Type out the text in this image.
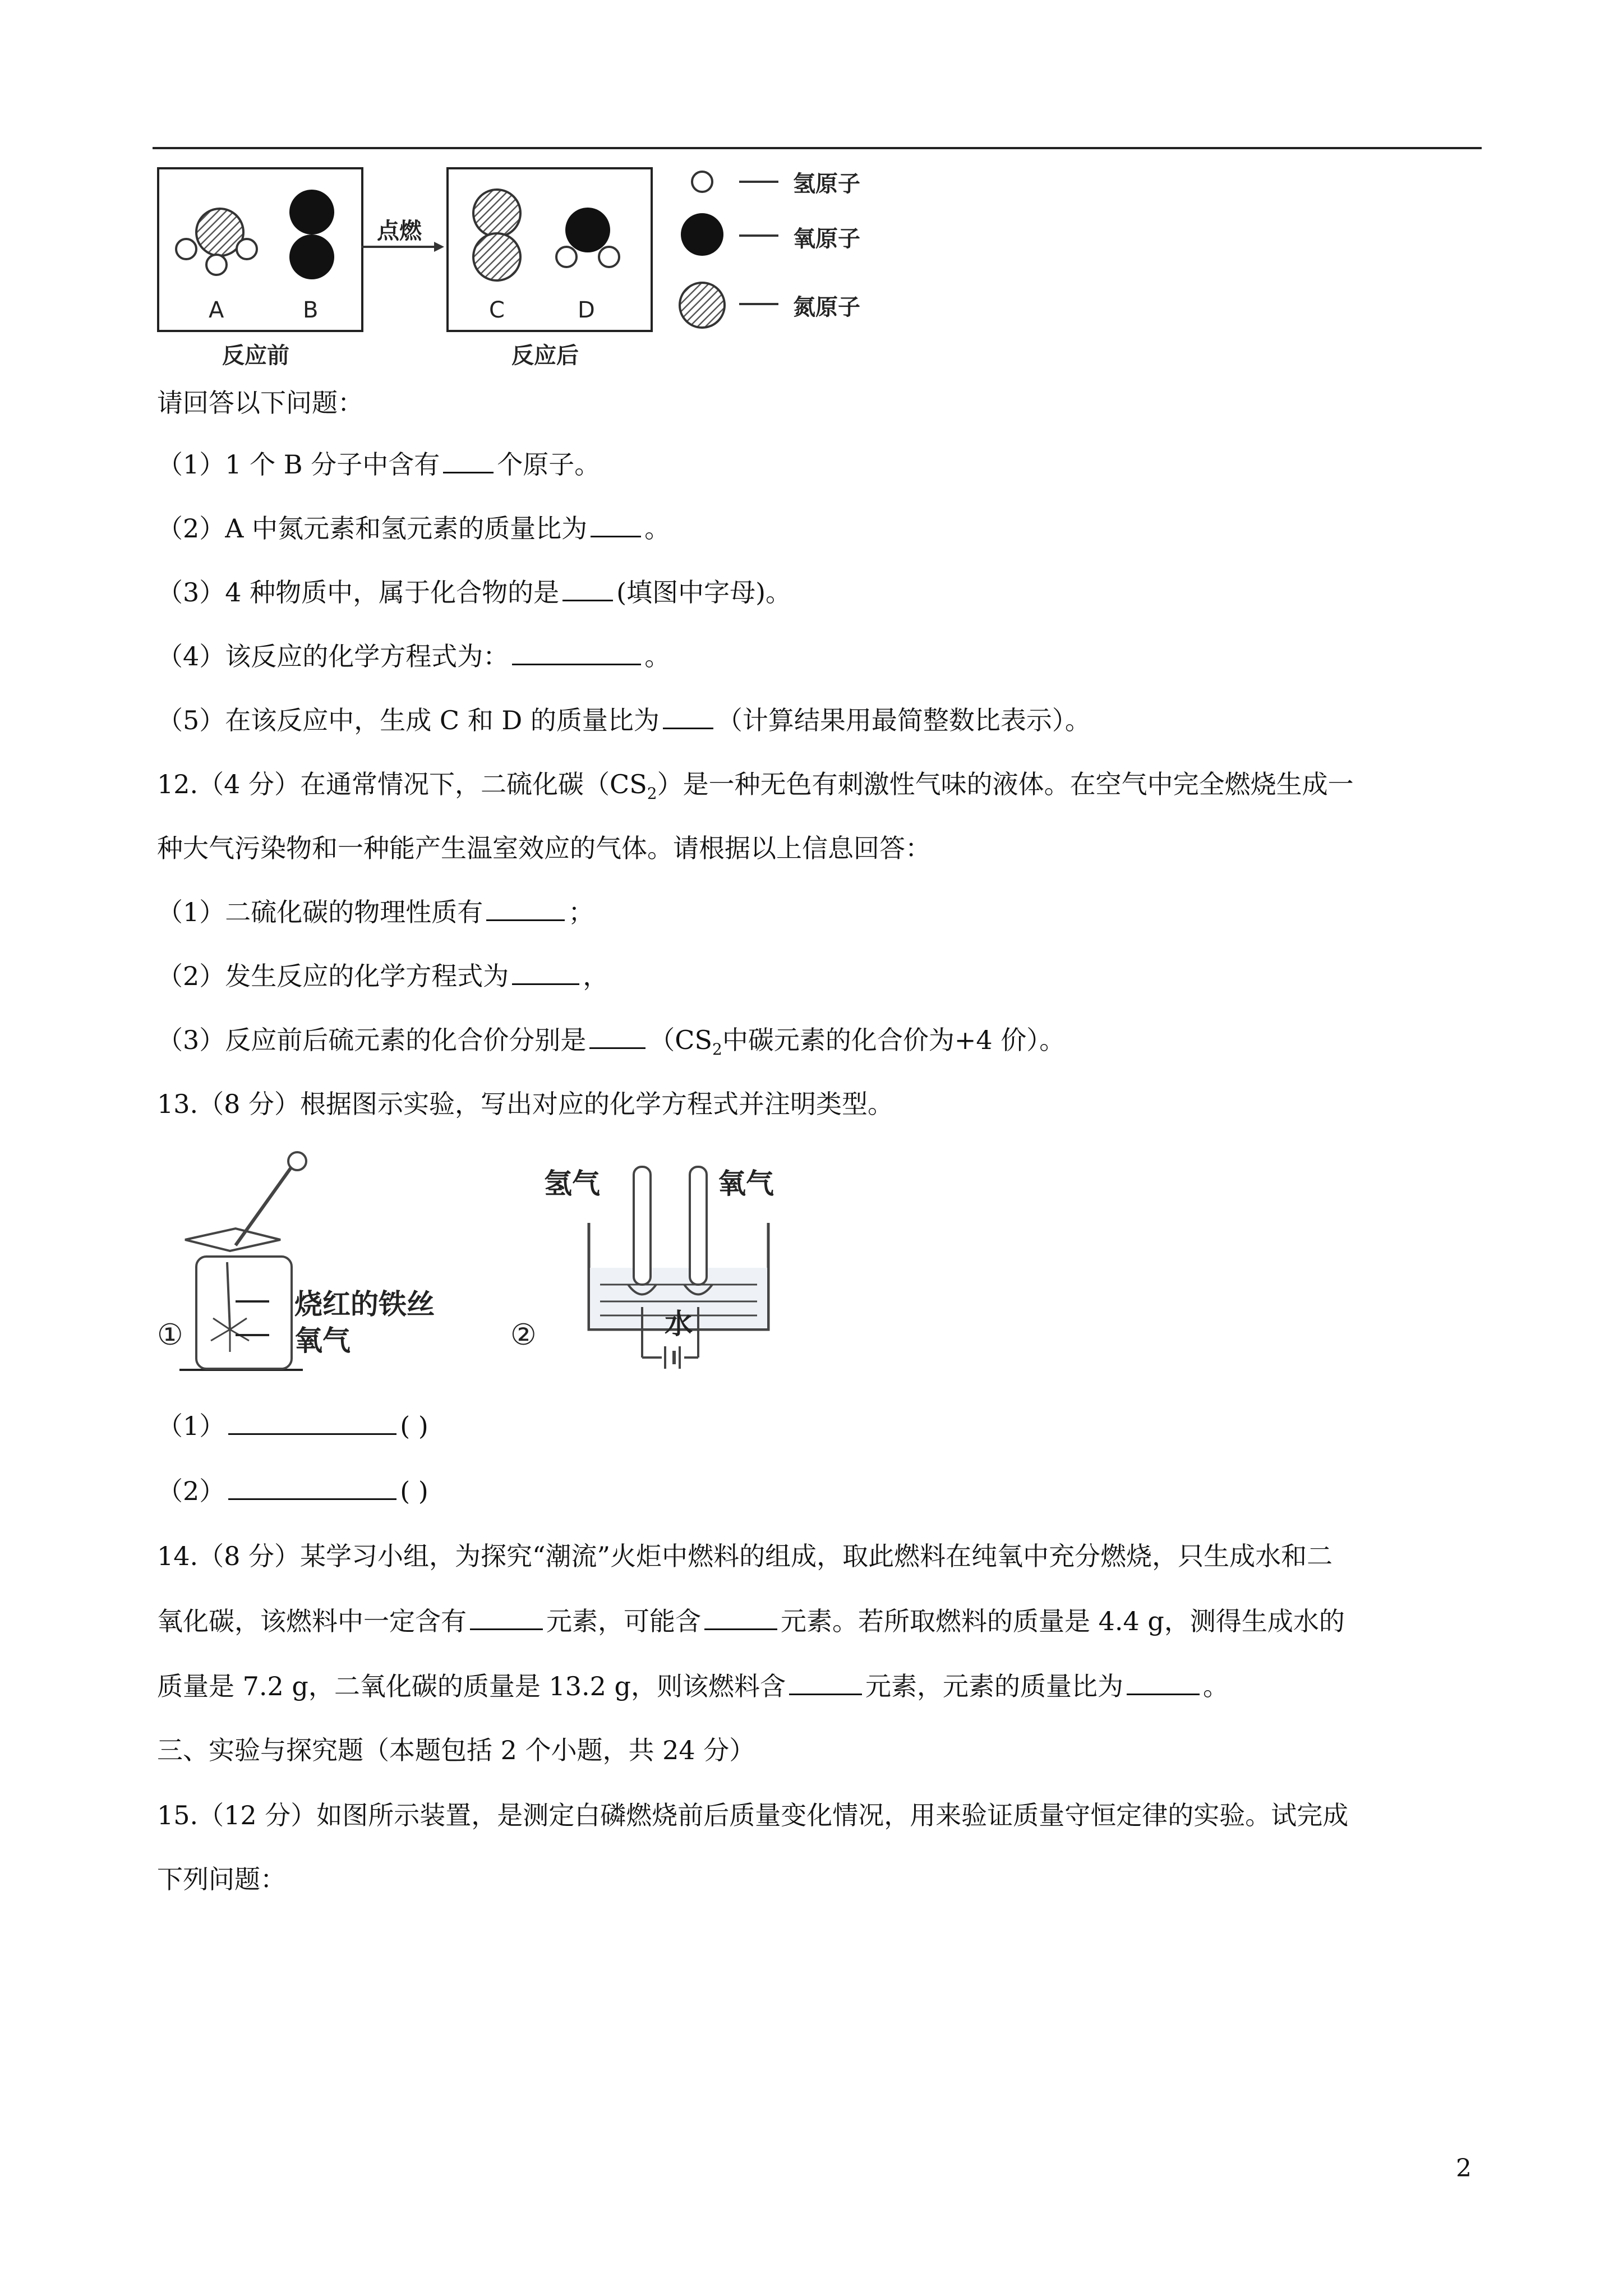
点燃
A	B	C	D
反应前	反应后
氢原子
氧原子
氮原子
请回答以下问题：
（1）1 个 B 分子中含有 个原子。
（2）A 中氮元素和氢元素的质量比为 。
（3）4 种物质中，属于化合物的是 (填图中字母)。
（4）该反应的化学方程式为：	。
（5）在该反应中，生成 C 和 D 的质量比为 （计算结果用最简整数比表示）。
12.（4 分）在通常情况下，二硫化碳$(CS_2)$是一种无色有刺激性气味的液体。在空气中完全燃烧生成一
种大气污染物和一种能产生温室效应的气体。请根据以上信息回答：
（1）二硫化碳的物理性质有	；
（2）发生反应的化学方程式为	，
（3）反应前后硫元素的化合价分别是 （$CS_2$中碳元素的化合价为+4 价）。
13.（8 分）根据图示实验，写出对应的化学方程式并注明类型。
①
烧红的铁丝
氧气	②
氢气	氧气
水
（1）	( )
（2）	( )
14.（8 分）某学习小组，为探究“潮流”火炬中燃料的组成，取此燃料在纯氧中充分燃烧，只生成水和二
氧化碳，该燃料中一定含有	元素，可能含	元素。若所取燃料的质量是 4.4 g，测得生成水的
质量是 7.2 g，二氧化碳的质量是 13.2 g，则该燃料含	元素，元素的质量比为	。
三、实验与探究题（本题包括 2 个小题，共 24 分）
15.（12 分）如图所示装置，是测定白磷燃烧前后质量变化情况，用来验证质量守恒定律的实验。试完成
下列问题：
2
